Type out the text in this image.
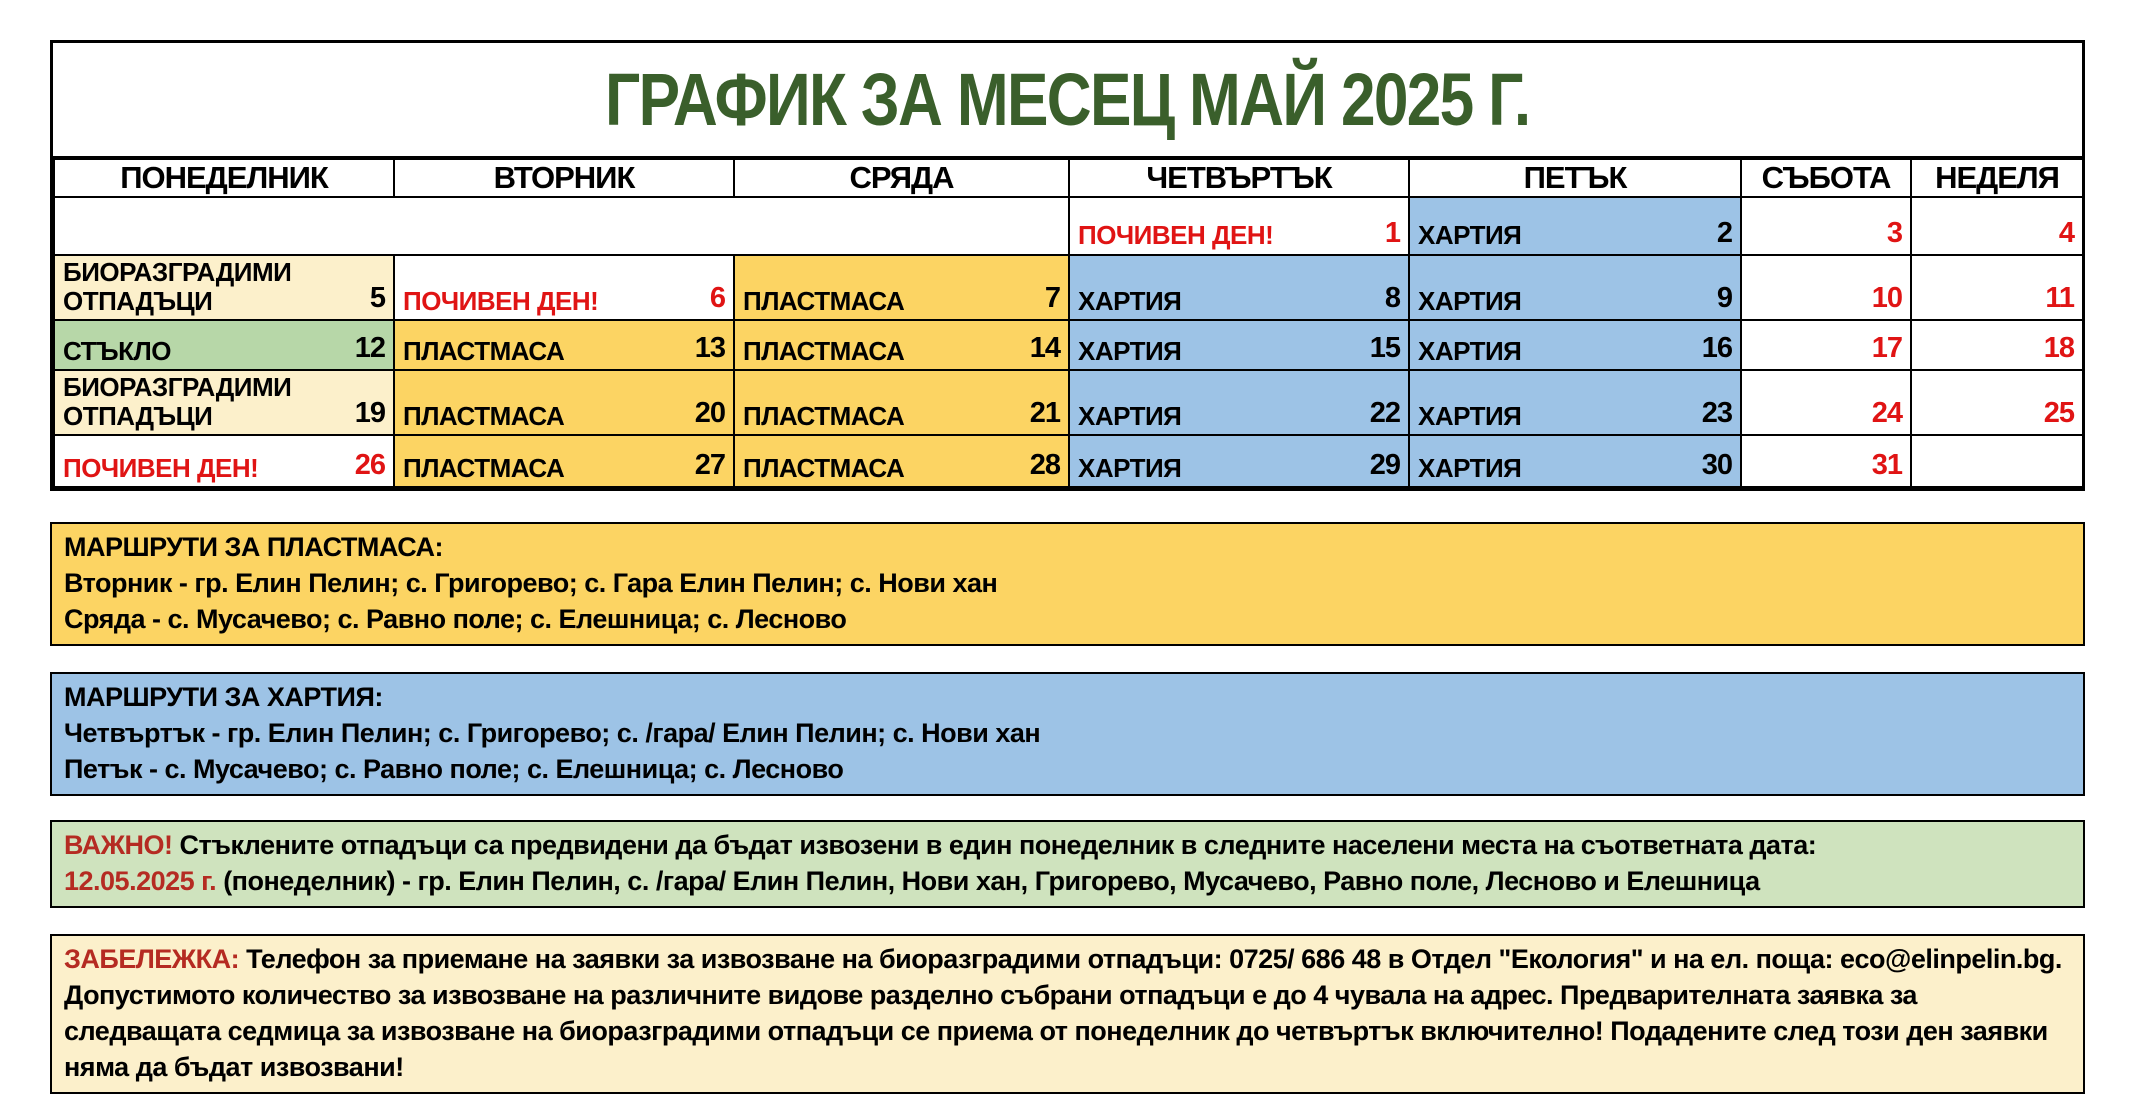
ГРАФИК ЗА МЕСЕЦ МАЙ 2025 Г.
ПОНЕДЕЛНИК	ВТОРНИК	СРЯДА	ЧЕТВЪРТЪК	ПЕТЪК	СЪБОТА	НЕДЕЛЯ

			ПОЧИВЕН ДЕН! 1	ХАРТИЯ 2	3	4

БИОРАЗГРАДИМИ ОТПАДЪЦИ 5	ПОЧИВЕН ДЕН! 6	ПЛАСТМАСА 7	ХАРТИЯ 8	ХАРТИЯ 9	10	11

СТЪКЛО 12	ПЛАСТМАСА 13	ПЛАСТМАСА 14	ХАРТИЯ 15	ХАРТИЯ 16	17	18

БИОРАЗГРАДИМИ ОТПАДЪЦИ 19	ПЛАСТМАСА 20	ПЛАСТМАСА 21	ХАРТИЯ 22	ХАРТИЯ 23	24	25

ПОЧИВЕН ДЕН! 26	ПЛАСТМАСА 27	ПЛАСТМАСА 28	ХАРТИЯ 29	ХАРТИЯ 30	31	

МАРШРУТИ ЗА ПЛАСТМАСА:
Вторник - гр. Елин Пелин; с. Григорево; с. Гара Елин Пелин; с. Нови хан
Сряда - с. Мусачево; с. Равно поле; с. Елешница; с. Лесново
МАРШРУТИ ЗА ХАРТИЯ:
Четвъртък - гр. Елин Пелин; с. Григорево; с. /гара/ Елин Пелин; с. Нови хан
Петък - с. Мусачево; с. Равно поле; с. Елешница; с. Лесново
ВАЖНО! Стъклените отпадъци са предвидени да бъдат извозени в един понеделник в следните населени места на съответната дата:
12.05.2025 г. (понеделник) - гр. Елин Пелин, с. /гара/ Елин Пелин, Нови хан, Григорево, Мусачево, Равно поле, Лесново и Елешница

ЗАБЕЛЕЖКА: Телефон за приемане на заявки за извозване на биоразградими отпадъци: 0725/ 686 48 в Отдел "Екология" и на ел. поща: eco@elinpelin.bg. Допустимото количество за извозване на различните видове разделно събрани отпадъци е до 4 чувала на адрес. Предварителната заявка за следващата седмица за извозване на биоразградими отпадъци се приема от понеделник до четвъртък включително! Подадените след този ден заявки няма да бъдат извозвани!
